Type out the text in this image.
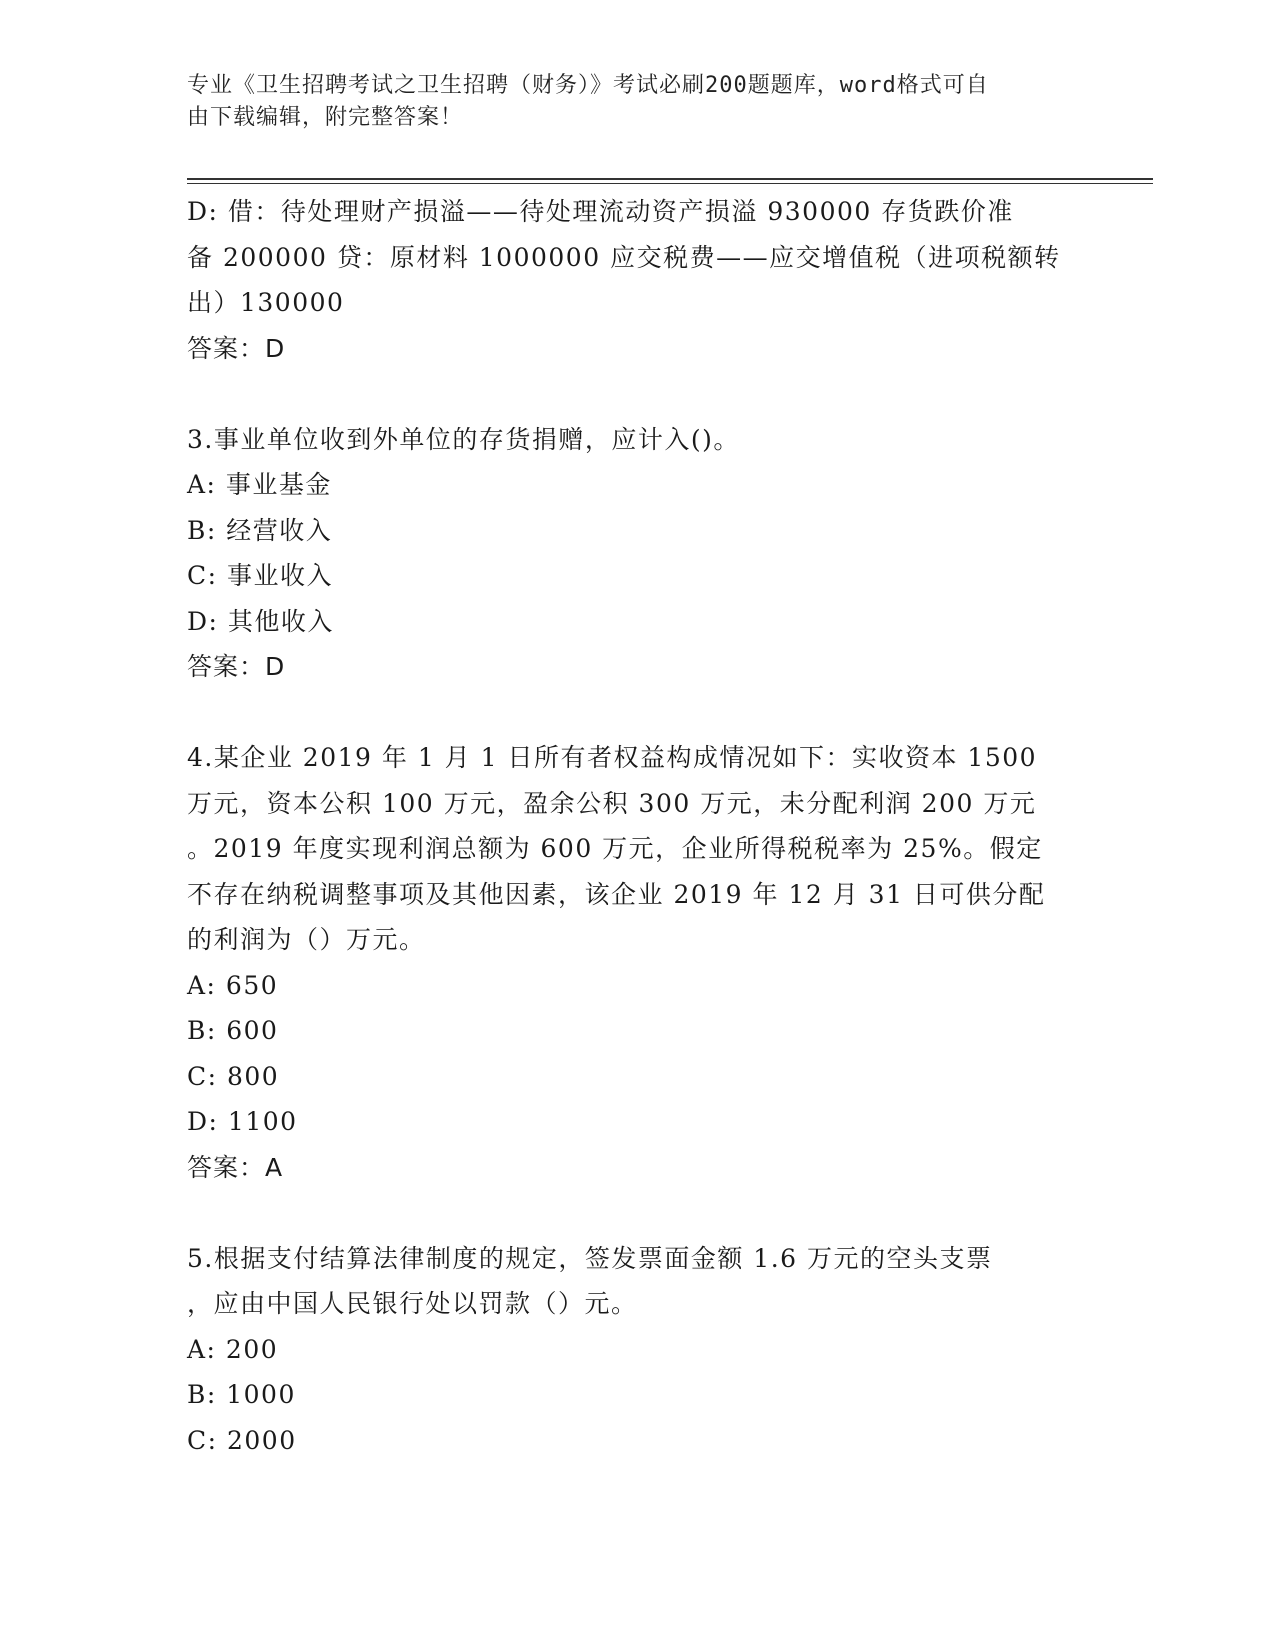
专业《卫生招聘考试之卫生招聘（财务）》考试必刷200题题库，word格式可自
由下载编辑，附完整答案！
D: 借：待处理财产损溢——待处理流动资产损溢 930000 存货跌价准
备 200000 贷：原材料 1000000 应交税费——应交增值税（进项税额转
出）130000
答案：D
3.事业单位收到外单位的存货捐赠，应计入()。
A: 事业基金
B: 经营收入
C: 事业收入
D: 其他收入
答案：D
4.某企业 2019 年 1 月 1 日所有者权益构成情况如下：实收资本 1500
万元，资本公积 100 万元，盈余公积 300 万元，未分配利润 200 万元
。2019 年度实现利润总额为 600 万元，企业所得税税率为 25%。假定
不存在纳税调整事项及其他因素，该企业 2019 年 12 月 31 日可供分配
的利润为（）万元。
A: 650
B: 600
C: 800
D: 1100
答案：A
5.根据支付结算法律制度的规定，签发票面金额 1.6 万元的空头支票
，应由中国人民银行处以罚款（）元。
A: 200
B: 1000
C: 2000
